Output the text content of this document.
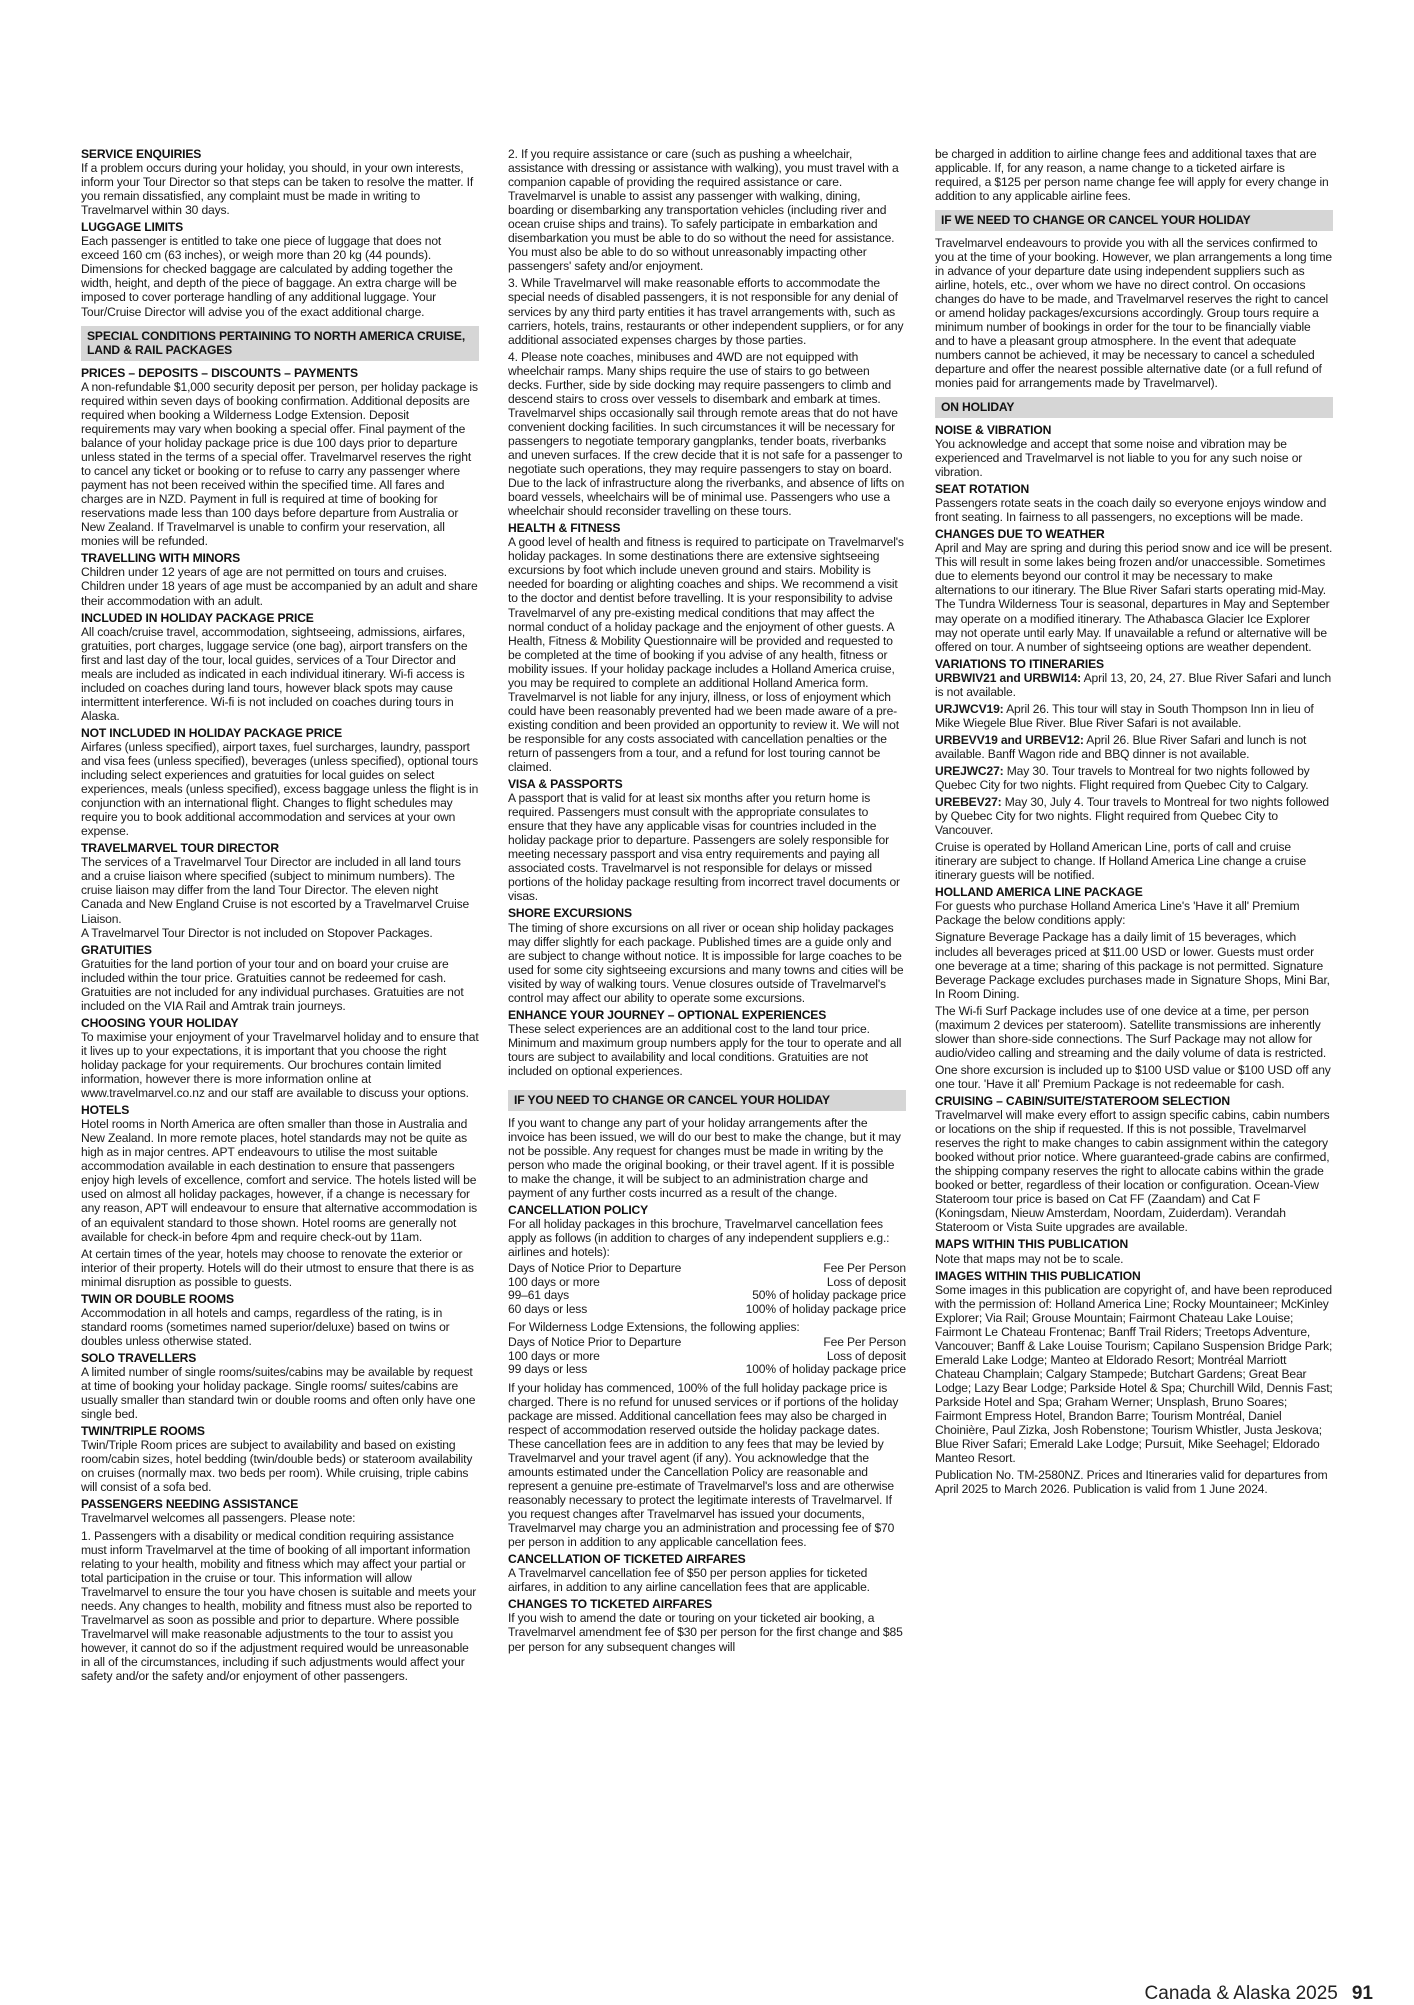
SERVICE ENQUIRIES

If a problem occurs during your holiday, you should, in your own interests, inform your Tour Director so that steps can be taken to resolve the matter. If you remain dissatisfied, any complaint must be made in writing to Travelmarvel within 30 days.

LUGGAGE LIMITS

Each passenger is entitled to take one piece of luggage that does not exceed 160 cm (63 inches), or weigh more than 20 kg (44 pounds). Dimensions for checked baggage are calculated by adding together the width, height, and depth of the piece of baggage. An extra charge will be imposed to cover porterage handling of any additional luggage. Your Tour/Cruise Director will advise you of the exact additional charge.

SPECIAL CONDITIONS PERTAINING TO NORTH AMERICA CRUISE, LAND & RAIL PACKAGES
PRICES – DEPOSITS – DISCOUNTS – PAYMENTS

A non-refundable $1,000 security deposit per person, per holiday package is required within seven days of booking confirmation. Additional deposits are required when booking a Wilderness Lodge Extension. Deposit requirements may vary when booking a special offer. Final payment of the balance of your holiday package price is due 100 days prior to departure unless stated in the terms of a special offer. Travelmarvel reserves the right to cancel any ticket or booking or to refuse to carry any passenger where payment has not been received within the specified time. All fares and charges are in NZD. Payment in full is required at time of booking for reservations made less than 100 days before departure from Australia or New Zealand. If Travelmarvel is unable to confirm your reservation, all monies will be refunded.

TRAVELLING WITH MINORS

Children under 12 years of age are not permitted on tours and cruises. Children under 18 years of age must be accompanied by an adult and share their accommodation with an adult.

INCLUDED IN HOLIDAY PACKAGE PRICE

All coach/cruise travel, accommodation, sightseeing, admissions, airfares, gratuities, port charges, luggage service (one bag), airport transfers on the first and last day of the tour, local guides, services of a Tour Director and meals are included as indicated in each individual itinerary. Wi-fi access is included on coaches during land tours, however black spots may cause intermittent interference. Wi-fi is not included on coaches during tours in Alaska.

NOT INCLUDED IN HOLIDAY PACKAGE PRICE

Airfares (unless specified), airport taxes, fuel surcharges, laundry, passport and visa fees (unless specified), beverages (unless specified), optional tours including select experiences and gratuities for local guides on select experiences, meals (unless specified), excess baggage unless the flight is in conjunction with an international flight. Changes to flight schedules may require you to book additional accommodation and services at your own expense.

TRAVELMARVEL TOUR DIRECTOR

The services of a Travelmarvel Tour Director are included in all land tours and a cruise liaison where specified (subject to minimum numbers). The cruise liaison may differ from the land Tour Director. The eleven night Canada and New England Cruise is not escorted by a Travelmarvel Cruise Liaison.

A Travelmarvel Tour Director is not included on Stopover Packages.

GRATUITIES

Gratuities for the land portion of your tour and on board your cruise are included within the tour price. Gratuities cannot be redeemed for cash. Gratuities are not included for any individual purchases. Gratuities are not included on the VIA Rail and Amtrak train journeys.

CHOOSING YOUR HOLIDAY

To maximise your enjoyment of your Travelmarvel holiday and to ensure that it lives up to your expectations, it is important that you choose the right holiday package for your requirements. Our brochures contain limited information, however there is more information online at www.travelmarvel.co.nz and our staff are available to discuss your options.

HOTELS

Hotel rooms in North America are often smaller than those in Australia and New Zealand. In more remote places, hotel standards may not be quite as high as in major centres. APT endeavours to utilise the most suitable accommodation available in each destination to ensure that passengers enjoy high levels of excellence, comfort and service. The hotels listed will be used on almost all holiday packages, however, if a change is necessary for any reason, APT will endeavour to ensure that alternative accommodation is of an equivalent standard to those shown. Hotel rooms are generally not available for check-in before 4pm and require check-out by 11am.

At certain times of the year, hotels may choose to renovate the exterior or interior of their property. Hotels will do their utmost to ensure that there is as minimal disruption as possible to guests.

TWIN OR DOUBLE ROOMS

Accommodation in all hotels and camps, regardless of the rating, is in standard rooms (sometimes named superior/deluxe) based on twins or doubles unless otherwise stated.

SOLO TRAVELLERS

A limited number of single rooms/suites/cabins may be available by request at time of booking your holiday package. Single rooms/ suites/cabins are usually smaller than standard twin or double rooms and often only have one single bed.

TWIN/TRIPLE ROOMS

Twin/Triple Room prices are subject to availability and based on existing room/cabin sizes, hotel bedding (twin/double beds) or stateroom availability on cruises (normally max. two beds per room). While cruising, triple cabins will consist of a sofa bed.

PASSENGERS NEEDING ASSISTANCE

Travelmarvel welcomes all passengers. Please note:

1. Passengers with a disability or medical condition requiring assistance must inform Travelmarvel at the time of booking of all important information relating to your health, mobility and fitness which may affect your partial or total participation in the cruise or tour. This information will allow Travelmarvel to ensure the tour you have chosen is suitable and meets your needs. Any changes to health, mobility and fitness must also be reported to Travelmarvel as soon as possible and prior to departure. Where possible Travelmarvel will make reasonable adjustments to the tour to assist you however, it cannot do so if the adjustment required would be unreasonable in all of the circumstances, including if such adjustments would affect your safety and/or the safety and/or enjoyment of other passengers.

2. If you require assistance or care (such as pushing a wheelchair, assistance with dressing or assistance with walking), you must travel with a companion capable of providing the required assistance or care. Travelmarvel is unable to assist any passenger with walking, dining, boarding or disembarking any transportation vehicles (including river and ocean cruise ships and trains). To safely participate in embarkation and disembarkation you must be able to do so without the need for assistance. You must also be able to do so without unreasonably impacting other passengers' safety and/or enjoyment.

3. While Travelmarvel will make reasonable efforts to accommodate the special needs of disabled passengers, it is not responsible for any denial of services by any third party entities it has travel arrangements with, such as carriers, hotels, trains, restaurants or other independent suppliers, or for any additional associated expenses charges by those parties.

4. Please note coaches, minibuses and 4WD are not equipped with wheelchair ramps. Many ships require the use of stairs to go between decks. Further, side by side docking may require passengers to climb and descend stairs to cross over vessels to disembark and embark at times. Travelmarvel ships occasionally sail through remote areas that do not have convenient docking facilities. In such circumstances it will be necessary for passengers to negotiate temporary gangplanks, tender boats, riverbanks and uneven surfaces. If the crew decide that it is not safe for a passenger to negotiate such operations, they may require passengers to stay on board. Due to the lack of infrastructure along the riverbanks, and absence of lifts on board vessels, wheelchairs will be of minimal use. Passengers who use a wheelchair should reconsider travelling on these tours.

HEALTH & FITNESS

A good level of health and fitness is required to participate on Travelmarvel's holiday packages. In some destinations there are extensive sightseeing excursions by foot which include uneven ground and stairs. Mobility is needed for boarding or alighting coaches and ships. We recommend a visit to the doctor and dentist before travelling. It is your responsibility to advise Travelmarvel of any pre-existing medical conditions that may affect the normal conduct of a holiday package and the enjoyment of other guests. A Health, Fitness & Mobility Questionnaire will be provided and requested to be completed at the time of booking if you advise of any health, fitness or mobility issues. If your holiday package includes a Holland America cruise, you may be required to complete an additional Holland America form. Travelmarvel is not liable for any injury, illness, or loss of enjoyment which could have been reasonably prevented had we been made aware of a pre-existing condition and been provided an opportunity to review it. We will not be responsible for any costs associated with cancellation penalties or the return of passengers from a tour, and a refund for lost touring cannot be claimed.

VISA & PASSPORTS

A passport that is valid for at least six months after you return home is required. Passengers must consult with the appropriate consulates to ensure that they have any applicable visas for countries included in the holiday package prior to departure. Passengers are solely responsible for meeting necessary passport and visa entry requirements and paying all associated costs. Travelmarvel is not responsible for delays or missed portions of the holiday package resulting from incorrect travel documents or visas.

SHORE EXCURSIONS

The timing of shore excursions on all river or ocean ship holiday packages may differ slightly for each package. Published times are a guide only and are subject to change without notice. It is impossible for large coaches to be used for some city sightseeing excursions and many towns and cities will be visited by way of walking tours. Venue closures outside of Travelmarvel's control may affect our ability to operate some excursions.

ENHANCE YOUR JOURNEY – OPTIONAL EXPERIENCES

These select experiences are an additional cost to the land tour price. Minimum and maximum group numbers apply for the tour to operate and all tours are subject to availability and local conditions. Gratuities are not included on optional experiences.

IF YOU NEED TO CHANGE OR CANCEL YOUR HOLIDAY

If you want to change any part of your holiday arrangements after the invoice has been issued, we will do our best to make the change, but it may not be possible. Any request for changes must be made in writing by the person who made the original booking, or their travel agent. If it is possible to make the change, it will be subject to an administration charge and payment of any further costs incurred as a result of the change.

CANCELLATION POLICY

For all holiday packages in this brochure, Travelmarvel cancellation fees apply as follows (in addition to charges of any independent suppliers e.g.: airlines and hotels):

Days of Notice Prior to Departure	Fee Per Person
100 days or more	Loss of deposit
99–61 days	50% of holiday package price
60 days or less	100% of holiday package price

For Wilderness Lodge Extensions, the following applies:

Days of Notice Prior to Departure	Fee Per Person
100 days or more	Loss of deposit
99 days or less	100% of holiday package price

If your holiday has commenced, 100% of the full holiday package price is charged. There is no refund for unused services or if portions of the holiday package are missed. Additional cancellation fees may also be charged in respect of accommodation reserved outside the holiday package dates. These cancellation fees are in addition to any fees that may be levied by Travelmarvel and your travel agent (if any). You acknowledge that the amounts estimated under the Cancellation Policy are reasonable and represent a genuine pre-estimate of Travelmarvel's loss and are otherwise reasonably necessary to protect the legitimate interests of Travelmarvel. If you request changes after Travelmarvel has issued your documents, Travelmarvel may charge you an administration and processing fee of $70 per person in addition to any applicable cancellation fees.

CANCELLATION OF TICKETED AIRFARES

A Travelmarvel cancellation fee of $50 per person applies for ticketed airfares, in addition to any airline cancellation fees that are applicable.

CHANGES TO TICKETED AIRFARES

If you wish to amend the date or touring on your ticketed air booking, a Travelmarvel amendment fee of $30 per person for the first change and $85 per person for any subsequent changes will

be charged in addition to airline change fees and additional taxes that are applicable. If, for any reason, a name change to a ticketed airfare is required, a $125 per person name change fee will apply for every change in addition to any applicable airline fees.

IF WE NEED TO CHANGE OR CANCEL YOUR HOLIDAY

Travelmarvel endeavours to provide you with all the services confirmed to you at the time of your booking. However, we plan arrangements a long time in advance of your departure date using independent suppliers such as airline, hotels, etc., over whom we have no direct control. On occasions changes do have to be made, and Travelmarvel reserves the right to cancel or amend holiday packages/excursions accordingly. Group tours require a minimum number of bookings in order for the tour to be financially viable and to have a pleasant group atmosphere. In the event that adequate numbers cannot be achieved, it may be necessary to cancel a scheduled departure and offer the nearest possible alternative date (or a full refund of monies paid for arrangements made by Travelmarvel).

ON HOLIDAY
NOISE & VIBRATION

You acknowledge and accept that some noise and vibration may be experienced and Travelmarvel is not liable to you for any such noise or vibration.

SEAT ROTATION

Passengers rotate seats in the coach daily so everyone enjoys window and front seating. In fairness to all passengers, no exceptions will be made.

CHANGES DUE TO WEATHER

April and May are spring and during this period snow and ice will be present. This will result in some lakes being frozen and/or unaccessible. Sometimes due to elements beyond our control it may be necessary to make alternations to our itinerary. The Blue River Safari starts operating mid-May. The Tundra Wilderness Tour is seasonal, departures in May and September may operate on a modified itinerary. The Athabasca Glacier Ice Explorer may not operate until early May. If unavailable a refund or alternative will be offered on tour. A number of sightseeing options are weather dependent.

VARIATIONS TO ITINERARIES

URBWIV21 and URBWI14: April 13, 20, 24, 27. Blue River Safari and lunch is not available.

URJWCV19: April 26. This tour will stay in South Thompson Inn in lieu of Mike Wiegele Blue River. Blue River Safari is not available.

URBEVV19 and URBEV12: April 26. Blue River Safari and lunch is not available. Banff Wagon ride and BBQ dinner is not available.

UREJWC27: May 30. Tour travels to Montreal for two nights followed by Quebec City for two nights. Flight required from Quebec City to Calgary.

UREBEV27: May 30, July 4. Tour travels to Montreal for two nights followed by Quebec City for two nights. Flight required from Quebec City to Vancouver.

Cruise is operated by Holland American Line, ports of call and cruise itinerary are subject to change. If Holland America Line change a cruise itinerary guests will be notified.

HOLLAND AMERICA LINE PACKAGE

For guests who purchase Holland America Line's 'Have it all' Premium Package the below conditions apply:

Signature Beverage Package has a daily limit of 15 beverages, which includes all beverages priced at $11.00 USD or lower. Guests must order one beverage at a time; sharing of this package is not permitted. Signature Beverage Package excludes purchases made in Signature Shops, Mini Bar, In Room Dining.

The Wi-fi Surf Package includes use of one device at a time, per person (maximum 2 devices per stateroom). Satellite transmissions are inherently slower than shore-side connections. The Surf Package may not allow for audio/video calling and streaming and the daily volume of data is restricted.

One shore excursion is included up to $100 USD value or $100 USD off any one tour. 'Have it all' Premium Package is not redeemable for cash.

CRUISING – CABIN/SUITE/STATEROOM SELECTION

Travelmarvel will make every effort to assign specific cabins, cabin numbers or locations on the ship if requested. If this is not possible, Travelmarvel reserves the right to make changes to cabin assignment within the category booked without prior notice. Where guaranteed-grade cabins are confirmed, the shipping company reserves the right to allocate cabins within the grade booked or better, regardless of their location or configuration. Ocean-View Stateroom tour price is based on Cat FF (Zaandam) and Cat F (Koningsdam, Nieuw Amsterdam, Noordam, Zuiderdam). Verandah Stateroom or Vista Suite upgrades are available.

MAPS WITHIN THIS PUBLICATION

Note that maps may not be to scale.

IMAGES WITHIN THIS PUBLICATION

Some images in this publication are copyright of, and have been reproduced with the permission of: Holland America Line; Rocky Mountaineer; McKinley Explorer; Via Rail; Grouse Mountain; Fairmont Chateau Lake Louise; Fairmont Le Chateau Frontenac; Banff Trail Riders; Treetops Adventure, Vancouver; Banff & Lake Louise Tourism; Capilano Suspension Bridge Park; Emerald Lake Lodge; Manteo at Eldorado Resort; Montréal Marriott Chateau Champlain; Calgary Stampede; Butchart Gardens; Great Bear Lodge; Lazy Bear Lodge; Parkside Hotel & Spa; Churchill Wild, Dennis Fast; Parkside Hotel and Spa; Graham Werner; Unsplash, Bruno Soares; Fairmont Empress Hotel, Brandon Barre; Tourism Montréal, Daniel Choinière, Paul Zizka, Josh Robenstone; Tourism Whistler, Justa Jeskova; Blue River Safari; Emerald Lake Lodge; Pursuit, Mike Seehagel; Eldorado Manteo Resort.

Publication No. TM-2580NZ. Prices and Itineraries valid for departures from April 2025 to March 2026. Publication is valid from 1 June 2024.

Canada & Alaska 2025 91
